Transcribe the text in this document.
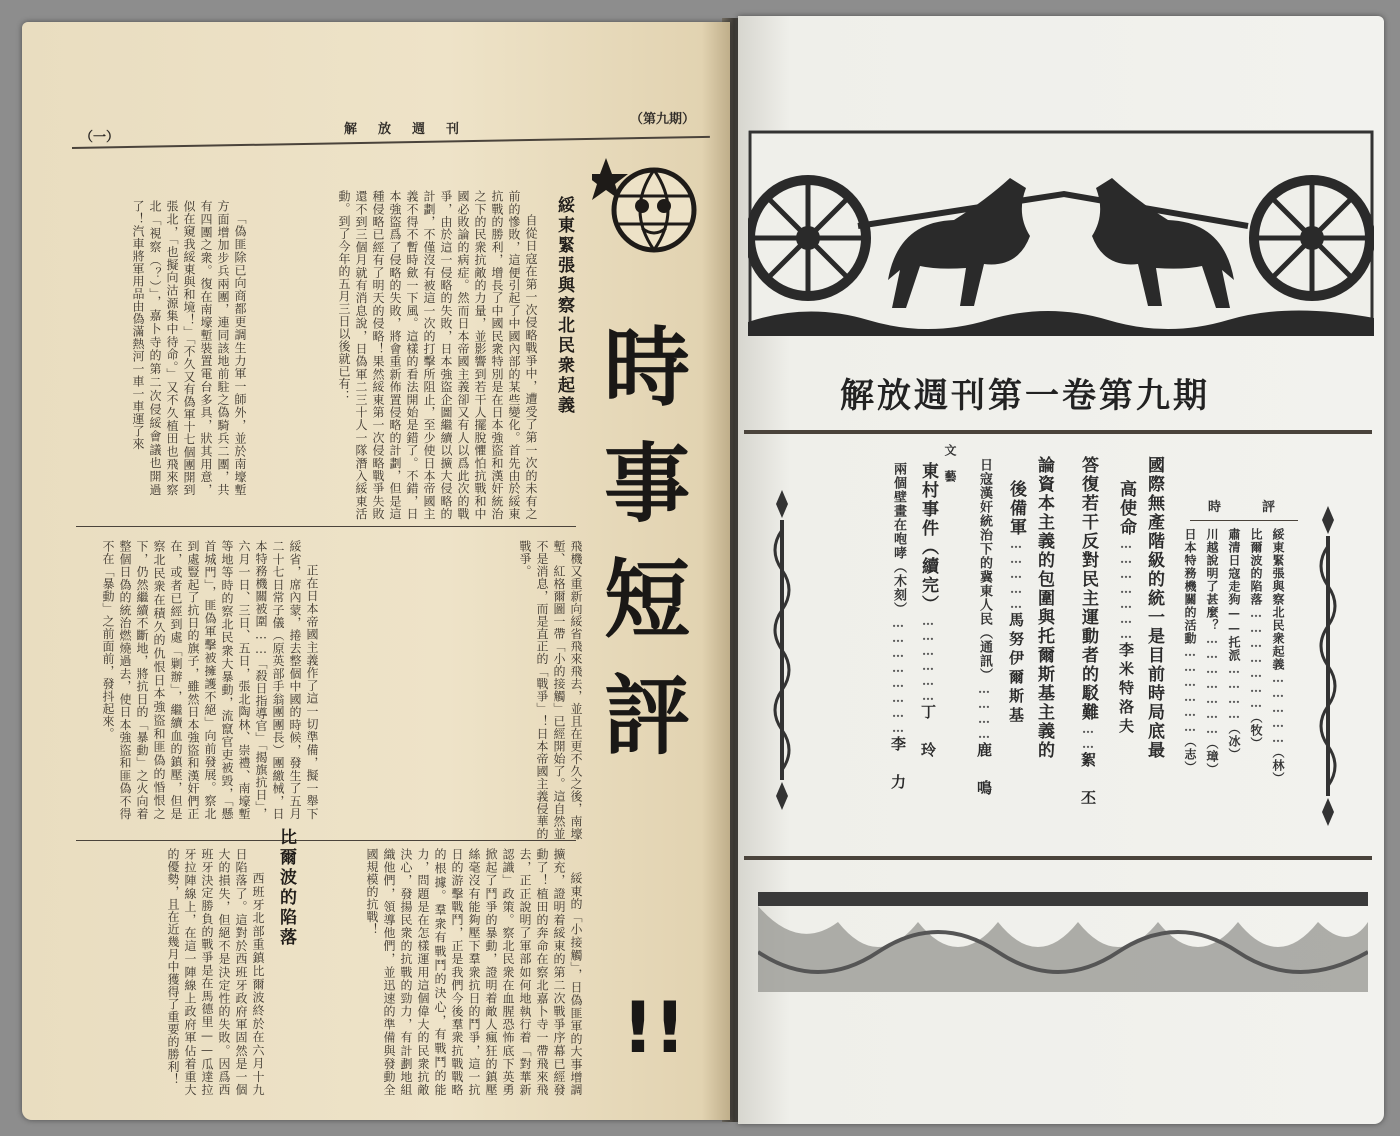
（一）
解　放　週　刊
（第九期）
時事短評
!!
綏東緊張與察北民衆起義
自從日寇在第一次侵略戰爭中，遭受了第一次的未有之前的慘敗，這便引起了中國內部的某些變化。首先由於綏東抗戰的勝利，增長了中國民衆特別是在日本強盜和漢奸統治之下的民衆抗敵的力量，並影響到若干人擺脫懼怕抗戰和中國必敗論的病症。然而日本帝國主義卻又有人以爲此次的戰爭，由於這一侵略的失敗，日本強盜企圖繼續以擴大侵略的計劃，不僅沒有被這一次的打擊所阻止，至少使日本帝國主義不得不暫時歛一下風。這樣的看法開始是錯了。不錯，日本強盜爲了侵略的失敗，將會重新佈置侵略的計劃，但是這種侵略已經有了明天的侵略！果然綏東第一次侵略戰爭失敗還不到三個月就有消息說，日偽軍二三十人一隊潛入綏東活動。到了今年的五月三日以後就已有：
「偽匪除已向商都更調生力軍一師外，並於南壕塹方面增加步兵兩團，連同該地前駐之偽騎兵二團，共有四團之衆。復在南壕塹裝置電台多具，狀其用意，似在窺我綏東與和境！」「不久又有偽軍十七個團開到張北，「也擬向沽源集中待命。」又不久植田也飛來察北「視察（？）」，嘉卜寺的第二次侵綏會議也開過了！汽車將軍用品由偽滿熱河一車一車運了來
飛機又重新向綏省飛來飛去，並且在更不久之後，南壕塹、紅格爾圖一帶「小的接觸」已經開始了。這自然並不是消息，而是直正的「戰爭」！日本帝國主義侵華的戰爭。
正在日本帝國主義作了這一切準備，擬一舉下綏省，席內蒙，捲去整個中國的時候，發生了五月二十七日常子儀（原英部手翁團團長）團繳械，日本特務機關被圍……「殺日指導官」「揭旗抗日」，六月一日、三日、五日，張北陶林、崇禮、南壕塹等地等時的察北民衆大暴動，流竄官吏被毀，「懸首城門」，匪偽軍擊被擁護不絕」向前發展。察北到處豎起了抗日的旗子，雖然日本強盜和漢奸們正在，或者已經到處「剿辦」，繼續血的鎮壓，但是察北民衆在積久的仇恨日本強盜和匪偽的惛恨之下，仍然繼續不斷地，將抗日的「暴動」之火向着整個日偽的統治燃燒過去，使日本強盜和匪偽不得不在「暴動」之前面前，發抖起來。
綏東的「小接觸」，日偽匪軍的大事增調擴充，證明着綏東的第二次戰爭序幕已經發動了！植田的奔命在察北嘉卜寺一帶飛來飛去，正正說明了軍部如何地執行着「對華新認識」政策。察北民衆在血腥恐怖底下英勇掀起了鬥爭的暴動，證明着敵人瘋狂的鎮壓絲毫沒有能夠壓下羣衆抗日的鬥爭，這一抗日的游擊戰鬥，正是我們今後羣衆抗戰戰略的根據。羣衆有戰鬥的決心，有戰鬥的能力，問題是在怎樣運用這個偉大的民衆抗敵決心，發揚民衆的抗戰的勁力，有計劃地組織他們，領導他們，並迅速的準備與發動全國規模的抗戰！
比爾波的陷落
西班牙北部重鎮比爾波終於在六月十九日陷落了。這對於西班牙政府軍固然是一個大的損失，但絕不是決定性的失敗。因爲西班牙決定勝負的戰爭是在馬德里——瓜達拉牙拉陣線上，在這一陣線上政府軍佔着重大的優勢，且在近幾月中獲得了重要的勝利！
解放週刊第一卷第九期
時　評
綏東緊張與察北民衆起義……………（林）
比爾波的陷落…………………（牧）
肅清日寇走狗——托派…………（冰）
川越說明了甚麼？…………………（璋）
日本特務機關的活動………………（志）
國際無產階級的統一是目前時局底最
高使命…………………李米特洛夫
答復若干反對民主運動者的駁難……絮　丕
論資本主義的包圍與托爾斯基主義的
後備軍……………馬努伊爾斯基
日寇漢奸統治下的冀東人民（通訊）…………鹿　鳴
文　藝
東村事件（續完）………………丁　玲
兩個壁畫在咆哮（木刻）……………………李　力
